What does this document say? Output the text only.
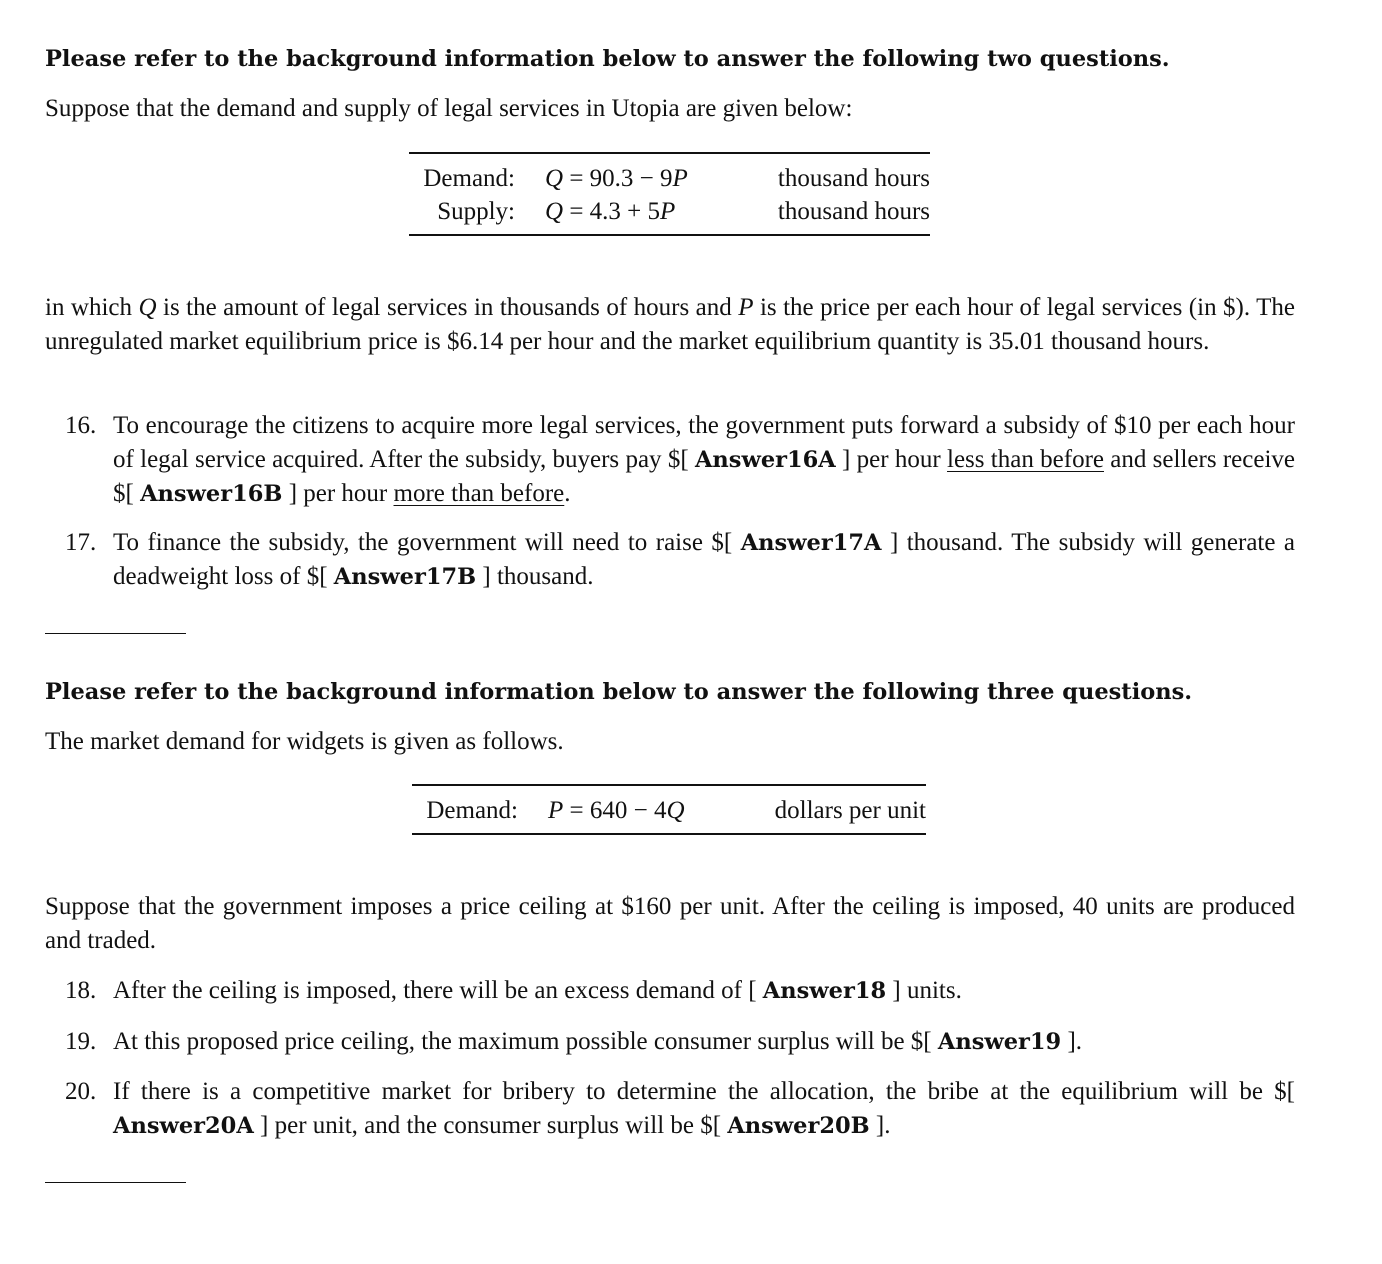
Please refer to the background information below to answer the following two questions.
Suppose that the demand and supply of legal services in Utopia are given below:
Demand:	Q = 90.3 − 9P	thousand hours
Supply:	Q = 4.3 + 5P	thousand hours
in which Q is the amount of legal services in thousands of hours and P is the price per each hour of legal services (in $). The unregulated market equilibrium price is $6.14 per hour and the market equilibrium quantity is 35.01 thousand hours.
16. To encourage the citizens to acquire more legal services, the government puts forward a subsidy of $10 per each hour of legal service acquired. After the subsidy, buyers pay $[ Answer16A ] per hour less than before and sellers receive $[ Answer16B ] per hour more than before.
17. To finance the subsidy, the government will need to raise $[ Answer17A ] thousand. The subsidy will generate a deadweight loss of $[ Answer17B ] thousand.
Please refer to the background information below to answer the following three questions.
The market demand for widgets is given as follows.
Demand:	P = 640 − 4Q	dollars per unit
Suppose that the government imposes a price ceiling at $160 per unit. After the ceiling is imposed, 40 units are produced and traded.
18. After the ceiling is imposed, there will be an excess demand of [ Answer18 ] units.
19. At this proposed price ceiling, the maximum possible consumer surplus will be $[ Answer19 ].
20. If there is a competitive market for bribery to determine the allocation, the bribe at the equilibrium will be $[ Answer20A ] per unit, and the consumer surplus will be $[ Answer20B ].
